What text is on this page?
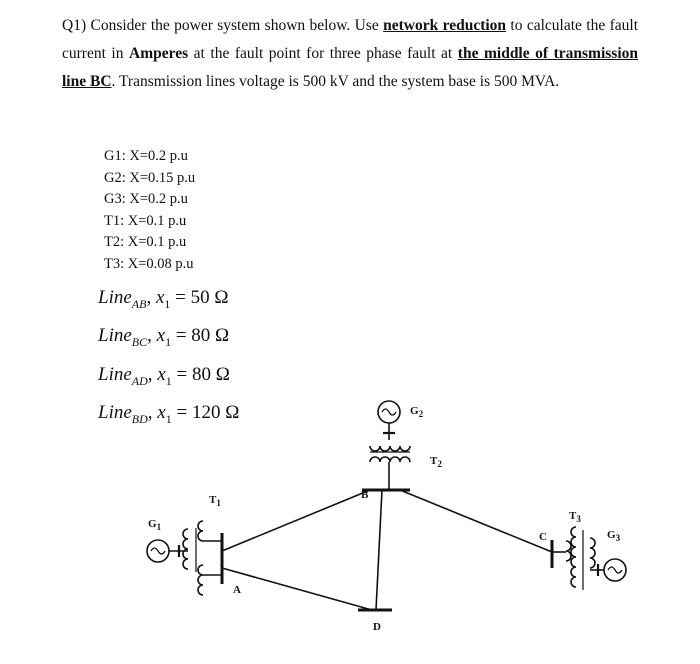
Q1) Consider the power system shown below. Use network reduction to calculate the fault current in Amperes at the fault point for three phase fault at the middle of transmission line BC. Transmission lines voltage is 500 kV and the system base is 500 MVA.
G1: X=0.2 p.u
G2: X=0.15 p.u
G3: X=0.2 p.u
T1: X=0.1 p.u
T2: X=0.1 p.u
T3: X=0.08 p.u
Line$_{AB}$, $x_1 = 50$ Ω
Line$_{BC}$, $x_1 = 80$ Ω
Line$_{AD}$, $x_1 = 80$ Ω
Line$_{BD}$, $x_1 = 120$ Ω
$G_1$
$T_1$
A
B
D
C
$G_2$
$T_2$
$T_3$
$G_3$
